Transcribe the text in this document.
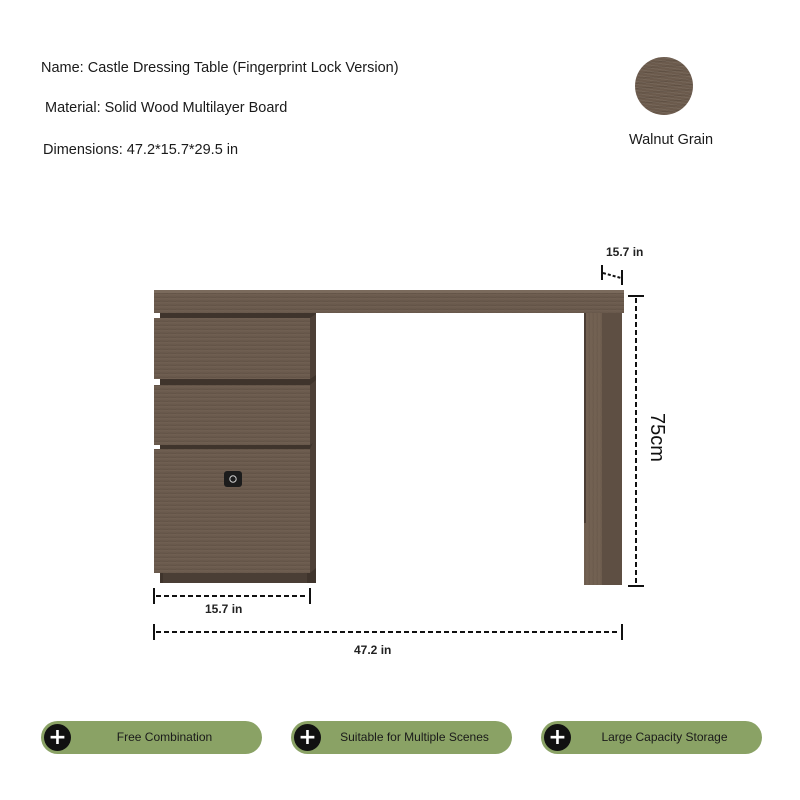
Name: Castle Dressing Table (Fingerprint Lock Version)
Material: Solid Wood Multilayer Board
Dimensions: 47.2*15.7*29.5 in
Walnut Grain
15.7 in
15.7 in
47.2 in
75cm
+	Free Combination	+	Suitable for Multiple Scenes	+	Large Capacity Storage
